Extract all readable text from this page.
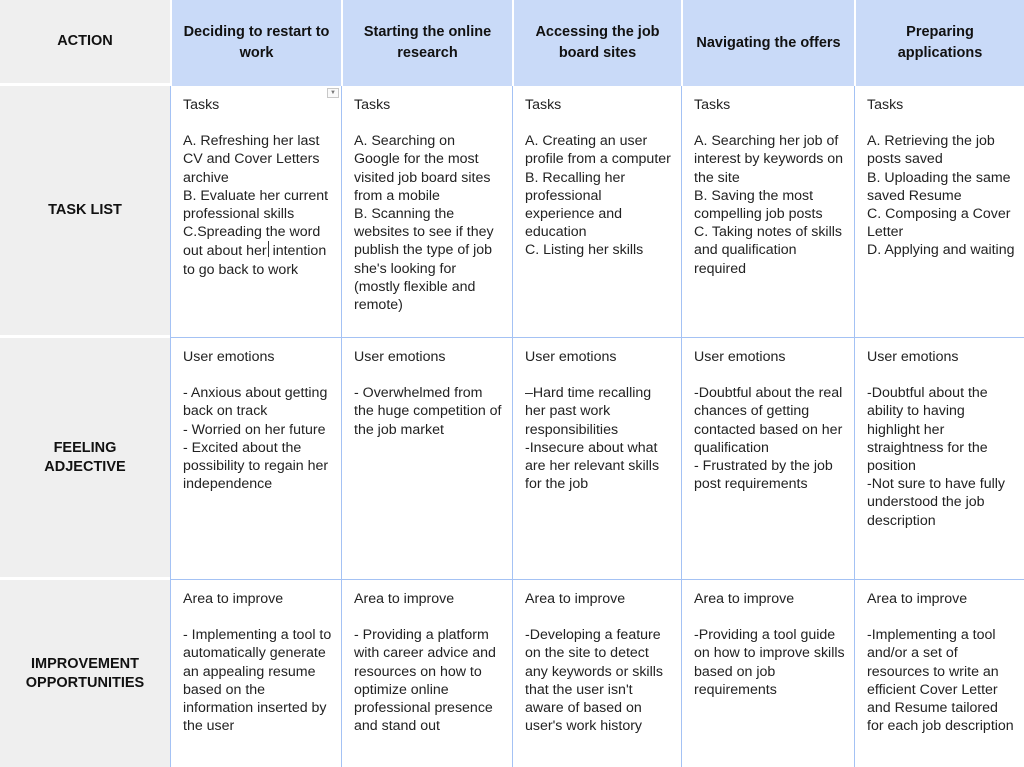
ACTION
Deciding to restart to work
Starting the online research
Accessing the job board sites
Navigating the offers
Preparing applications
TASK LIST
▼
Tasks
A. Refreshing her last CV and Cover Letters archive
B. Evaluate her current professional skills
C.Spreading the word out about her intention to go back to work
Tasks
A. Searching on Google for the most visited job board sites from a mobile
B. Scanning the websites to see if they publish the type of job she's looking for (mostly flexible and remote)
Tasks
A. Creating an user profile from a computer
B. Recalling her professional experience and education
C. Listing her skills
Tasks
A. Searching her job of interest by keywords on the site
B. Saving the most compelling job posts
C. Taking notes of skills and qualification required
Tasks
A. Retrieving the job posts saved
B. Uploading the same saved Resume
C. Composing a Cover Letter
D. Applying and waiting
FEELING
ADJECTIVE
User emotions
- Anxious about getting back on track
- Worried on her future
- Excited about the possibility to regain her independence
User emotions
- Overwhelmed from the huge competition of the job market
User emotions
–Hard time recalling her past work responsibilities
-Insecure about what are her relevant skills for the job
User emotions
-Doubtful about the real chances of getting contacted based on her qualification
- Frustrated by the job post requirements
User emotions
-Doubtful about the ability to having highlight her straightness for the position
-Not sure to have fully understood the job description
IMPROVEMENT
OPPORTUNITIES
Area to improve
- Implementing a tool to automatically generate an appealing resume based on the information inserted by the user
Area to improve
- Providing a platform with career advice and resources on how to optimize online professional presence and stand out
Area to improve
-Developing a feature on the site to detect any keywords or skills that the user isn't aware of based on user's work history
Area to improve
-Providing a tool guide on how to improve skills based on job requirements
Area to improve
-Implementing a tool and/or a set of resources to write an efficient Cover Letter and Resume tailored for each job description
